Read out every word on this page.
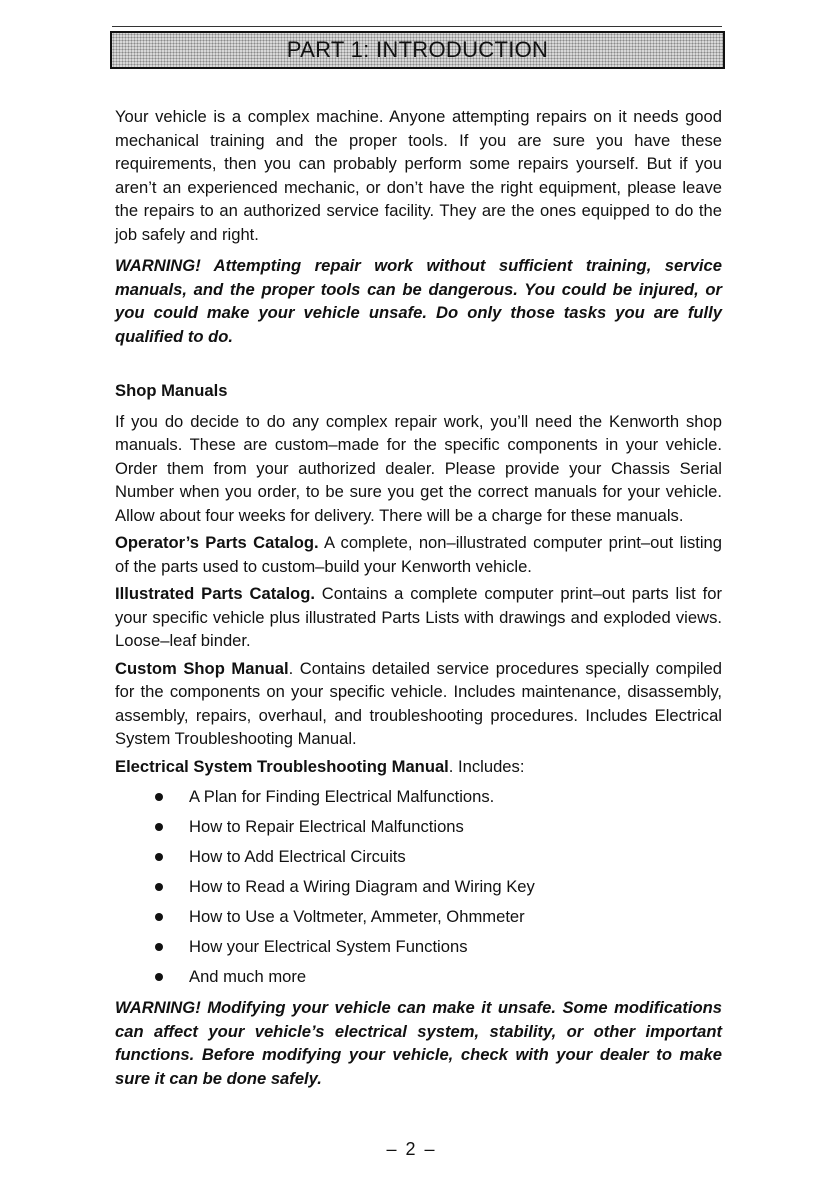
PART 1: INTRODUCTION

Your vehicle is a complex machine. Anyone attempting repairs on it needs good mechanical training and the proper tools. If you are sure you have these requirements, then you can probably perform some repairs yourself. But if you aren’t an experienced mechanic, or don’t have the right equipment, please leave the repairs to an authorized service facility. They are the ones equipped to do the job safely and right.

WARNING! Attempting repair work without sufficient training, service manuals, and the proper tools can be dangerous. You could be injured, or you could make your vehicle unsafe. Do only those tasks you are fully qualified to do.

Shop Manuals

If you do decide to do any complex repair work, you’ll need the Kenworth shop manuals. These are custom–made for the specific components in your vehicle. Order them from your authorized dealer. Please provide your Chassis Serial Number when you order, to be sure you get the correct manuals for your vehicle. Allow about four weeks for delivery. There will be a charge for these manuals.

Operator’s Parts Catalog. A complete, non–illustrated computer print–out listing of the parts used to custom–build your Kenworth vehicle.

Illustrated Parts Catalog. Contains a complete computer print–out parts list for your specific vehicle plus illustrated Parts Lists with drawings and exploded views. Loose–leaf binder.

Custom Shop Manual. Contains detailed service procedures specially compiled for the components on your specific vehicle. Includes maintenance, disassembly, assembly, repairs, overhaul, and troubleshooting procedures. Includes Electrical System Troubleshooting Manual.

Electrical System Troubleshooting Manual. Includes:

A Plan for Finding Electrical Malfunctions.
How to Repair Electrical Malfunctions
How to Add Electrical Circuits
How to Read a Wiring Diagram and Wiring Key
How to Use a Voltmeter, Ammeter, Ohmmeter
How your Electrical System Functions
And much more

WARNING! Modifying your vehicle can make it unsafe. Some modifications can affect your vehicle’s electrical system, stability, or other important functions. Before modifying your vehicle, check with your dealer to make sure it can be done safely.

– 2 –
